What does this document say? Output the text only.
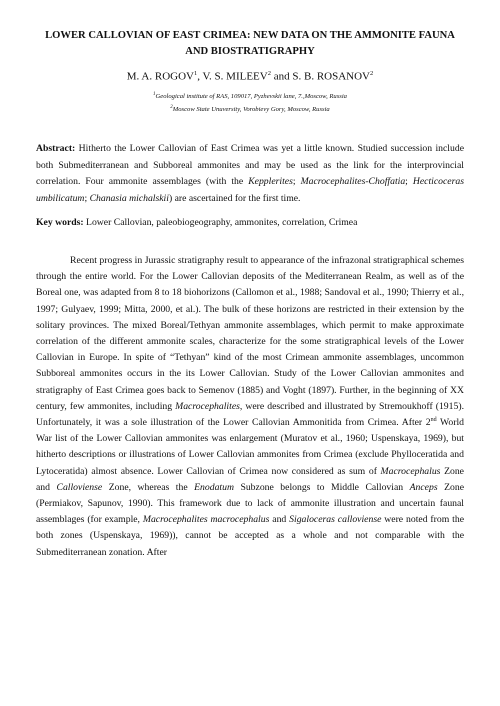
LOWER CALLOVIAN OF EAST CRIMEA: NEW DATA ON THE AMMONITE FAUNA AND BIOSTRATIGRAPHY
M. A. ROGOV$^1$, V. S. MILEEV$^2$ and S. B. ROSANOV$^2$
$^1$Geological institute of RAS, 109017, Pyzhevskii lane, 7.,Moscow, Russia
$^2$Moscow State Unuversity, Vorobievy Gory, Moscow, Russia
Abstract: Hitherto the Lower Callovian of East Crimea was yet a little known. Studied succession include both Submediterranean and Subboreal ammonites and may be used as the link for the interprovincial correlation. Four ammonite assemblages (with the Kepplerites; Macrocephalites-Choffatia; Hecticoceras umbilicatum; Chanasia michalskii) are ascertained for the first time.
Key words: Lower Callovian, paleobiogeography, ammonites, correlation, Crimea
Recent progress in Jurassic stratigraphy result to appearance of the infrazonal stratigraphical schemes through the entire world. For the Lower Callovian deposits of the Mediterranean Realm, as well as of the Boreal one, was adapted from 8 to 18 biohorizons (Callomon et al., 1988; Sandoval et al., 1990; Thierry et al., 1997; Gulyaev, 1999; Mitta, 2000, et al.). The bulk of these horizons are restricted in their extension by the solitary provinces. The mixed Boreal/Tethyan ammonite assemblages, which permit to make approximate correlation of the different ammonite scales, characterize for the some stratigraphical levels of the Lower Callovian in Europe. In spite of “Tethyan” kind of the most Crimean ammonite assemblages, uncommon Subboreal ammonites occurs in the its Lower Callovian. Study of the Lower Callovian ammonites and stratigraphy of East Crimea goes back to Semenov (1885) and Voght (1897). Further, in the beginning of XX century, few ammonites, including Macrocephalites, were described and illustrated by Stremoukhoff (1915). Unfortunately, it was a sole illustration of the Lower Callovian Ammonitida from Crimea. After 2nd World War list of the Lower Callovian ammonites was enlargement (Muratov et al., 1960; Uspenskaya, 1969), but hitherto descriptions or illustrations of Lower Callovian ammonites from Crimea (exclude Phylloceratida and Lytoceratida) almost absence. Lower Callovian of Crimea now considered as sum of Macrocephalus Zone and Calloviense Zone, whereas the Enodatum Subzone belongs to Middle Callovian Anceps Zone (Permiakov, Sapunov, 1990). This framework due to lack of ammonite illustration and uncertain faunal assemblages (for example, Macrocephalites macrocephalus and Sigaloceras calloviense were noted from the both zones (Uspenskaya, 1969)), cannot be accepted as a whole and not comparable with the Submediterranean zonation. After
